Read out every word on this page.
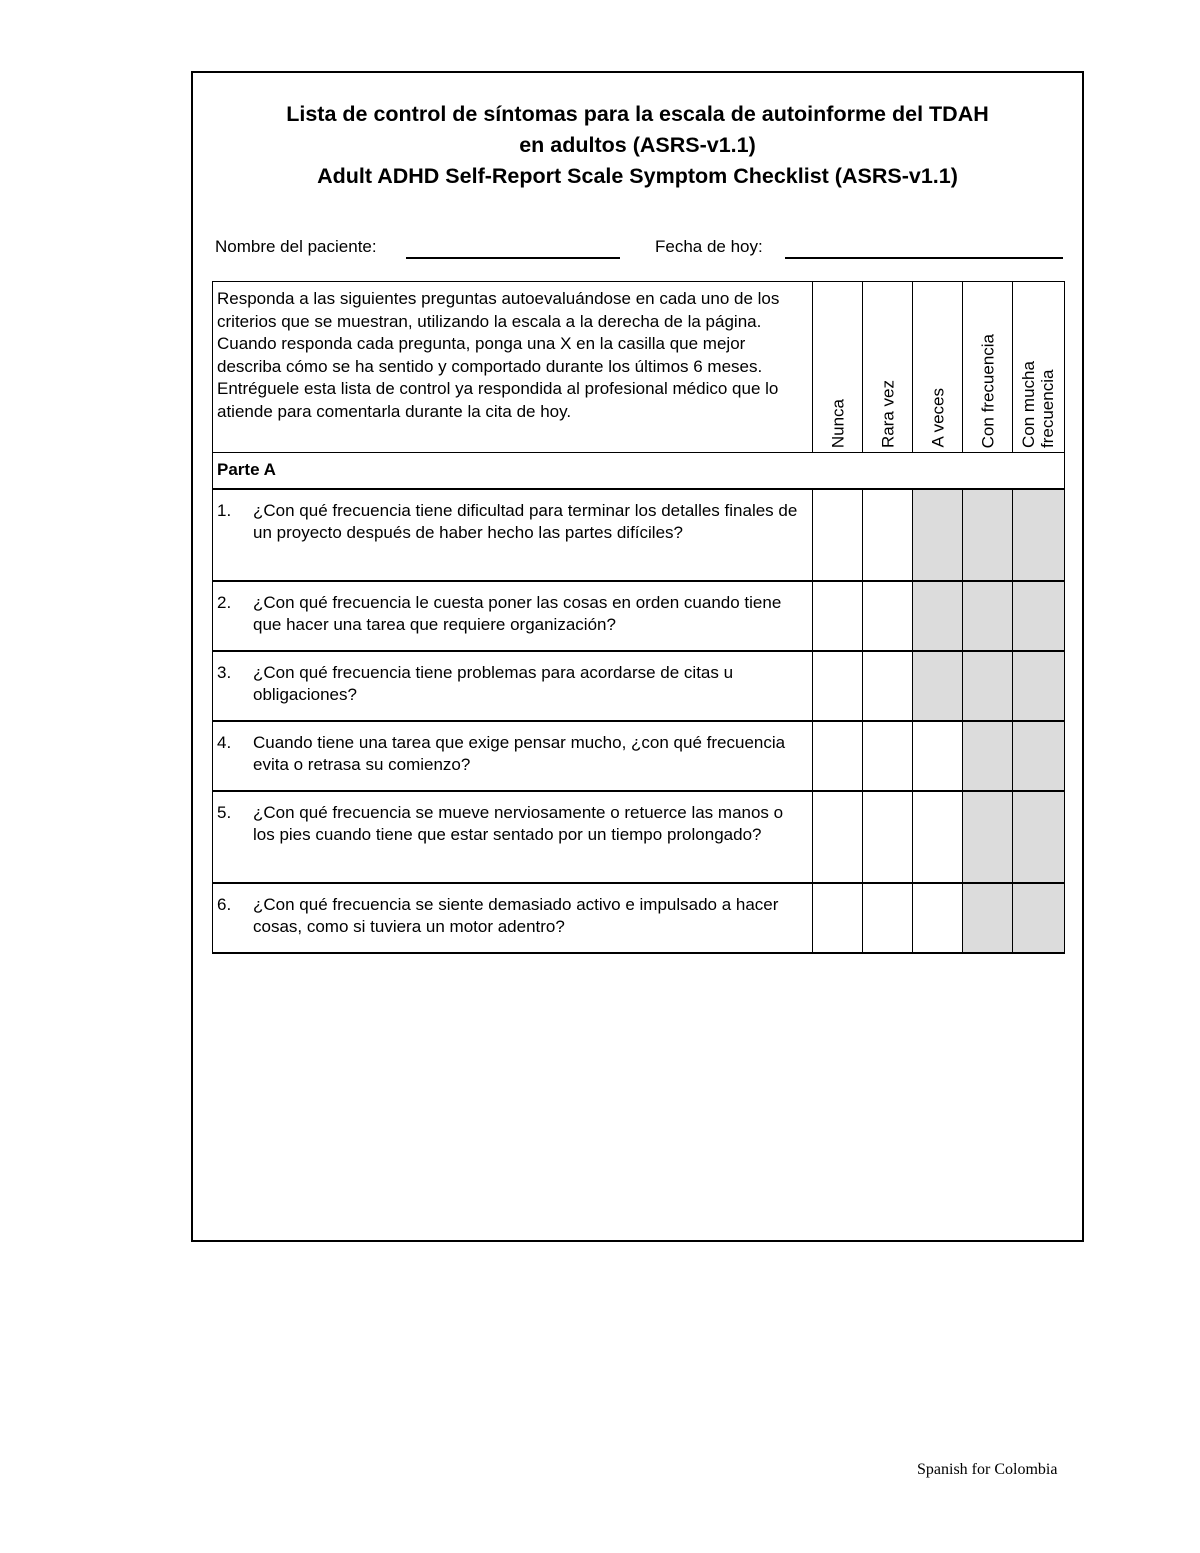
Lista de control de síntomas para la escala de autoinforme del TDAH
en adultos (ASRS-v1.1)
Adult ADHD Self-Report Scale Symptom Checklist (ASRS-v1.1)
Nombre del paciente:	Fecha de hoy:
Responda a las siguientes preguntas autoevaluándose en cada uno de los criterios que se muestran, utilizando la escala a la derecha de la página. Cuando responda cada pregunta, ponga una X en la casilla que mejor describa cómo se ha sentido y comportado durante los últimos 6 meses. Entréguele esta lista de control ya respondida al profesional médico que lo atiende para comentarla durante la cita de hoy.	Nunca	Rara vez	A veces	Con frecuencia	Con mucha frecuencia

Parte A					

1. ¿Con qué frecuencia tiene dificultad para terminar los detalles finales de un proyecto después de haber hecho las partes difíciles?					

2. ¿Con qué frecuencia le cuesta poner las cosas en orden cuando tiene que hacer una tarea que requiere organización?					

3. ¿Con qué frecuencia tiene problemas para acordarse de citas u obligaciones?					

4. Cuando tiene una tarea que exige pensar mucho, ¿con qué frecuencia evita o retrasa su comienzo?					

5. ¿Con qué frecuencia se mueve nerviosamente o retuerce las manos o los pies cuando tiene que estar sentado por un tiempo prolongado?					

6. ¿Con qué frecuencia se siente demasiado activo e impulsado a hacer cosas, como si tuviera un motor adentro?					

Spanish for Colombia
